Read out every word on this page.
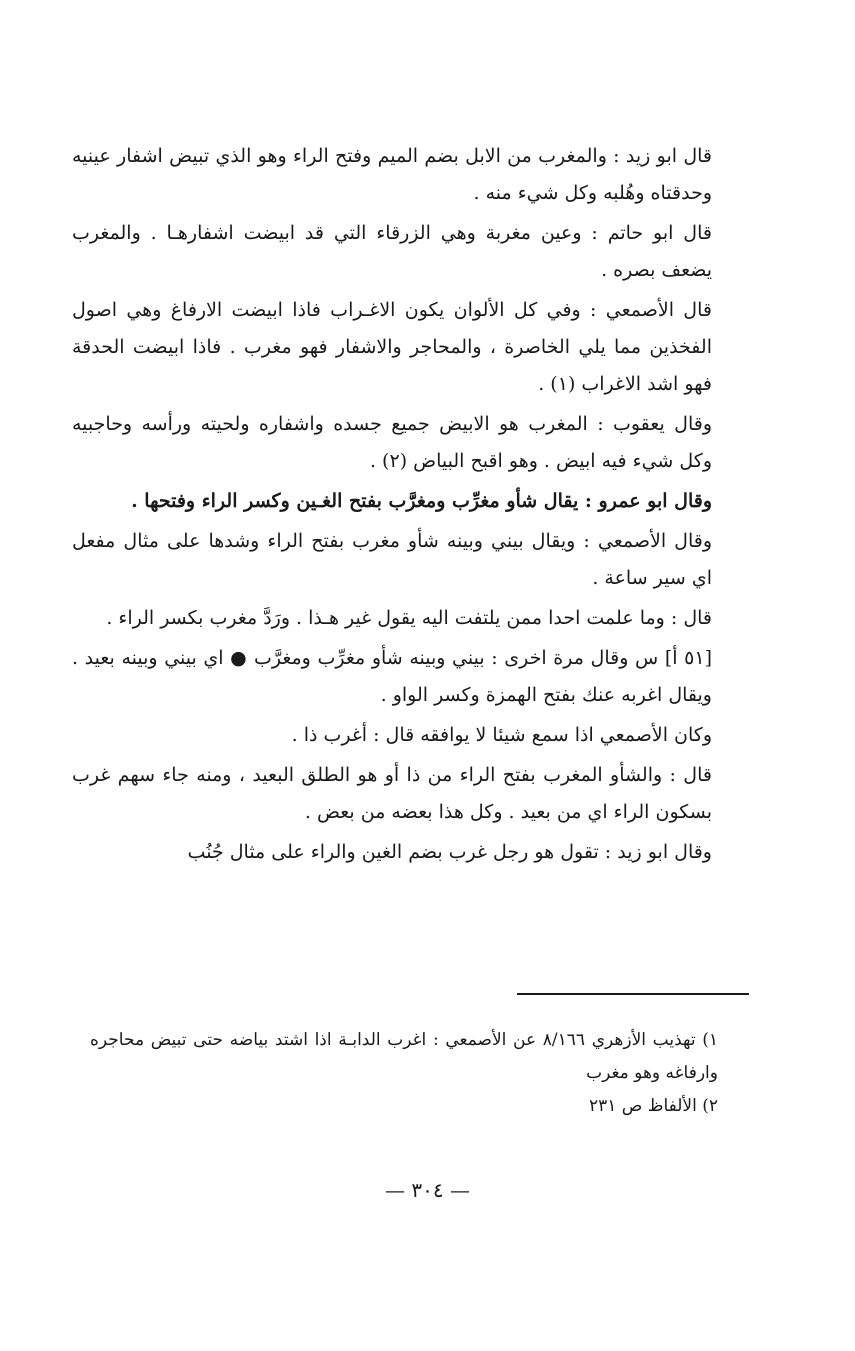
قال ابو زيد : والمغرب من الابل بضم الميم وفتح الراء وهو الذي تبيض اشفار عينيه وحدقتاه وهُلبه وكل شيء منه .

قال ابو حاتم : وعين مغربة وهي الزرقاء التي قد ابيضت اشفارهـا . والمغرب يضعف بصره .

قال الأصمعي : وفي كل الألوان يكون الاغـراب فاذا ابيضت الارفاغ وهي اصول الفخذين مما يلي الخاصرة ، والمحاجر والاشفار فهو مغرب . فاذا ابيضت الحدقة فهو اشد الاغراب (١) .

وقال يعقوب : المغرب هو الابيض جميع جسده واشفاره ولحيته ورأسه وحاجبيه وكل شيء فيه ابيض . وهو اقبح البياض (٢) .

وقال ابو عمرو : يقال شأو مغرِّب ومغرَّب بفتح الغـين وكسر الراء وفتحها .

وقال الأصمعي : ويقال بيني وبينه شأو مغرب بفتح الراء وشدها على مثال مفعل اي سير ساعة .

قال : وما علمت احدا ممن يلتفت اليه يقول غير هـذا . ورَدَّ مغرب بكسر الراء .

[٥١ أ] س وقال مرة اخرى : بيني وبينه شأو مغرِّب ومغرَّب ● اي بيني وبينه بعيد . ويقال اغربه عنك بفتح الهمزة وكسر الواو .

وكان الأصمعي اذا سمع شيئا لا يوافقه قال : أغرب ذا .

قال : والشأو المغرب بفتح الراء من ذا أو هو الطلق البعيد ، ومنه جاء سهم غرب بسكون الراء اي من بعيد . وكل هذا بعضه من بعض .

وقال ابو زيد : تقول هو رجل غرب بضم الغين والراء على مثال جُنُب

١) تهذيب الأزهري ٨/١٦٦ عن الأصمعي : اغرب الدابـة اذا اشتد بياضه حتى تبيض محاجره وارفاغه وهو مغرب

٢) الألفاظ ص ٢٣١

— ٣٠٤ —
